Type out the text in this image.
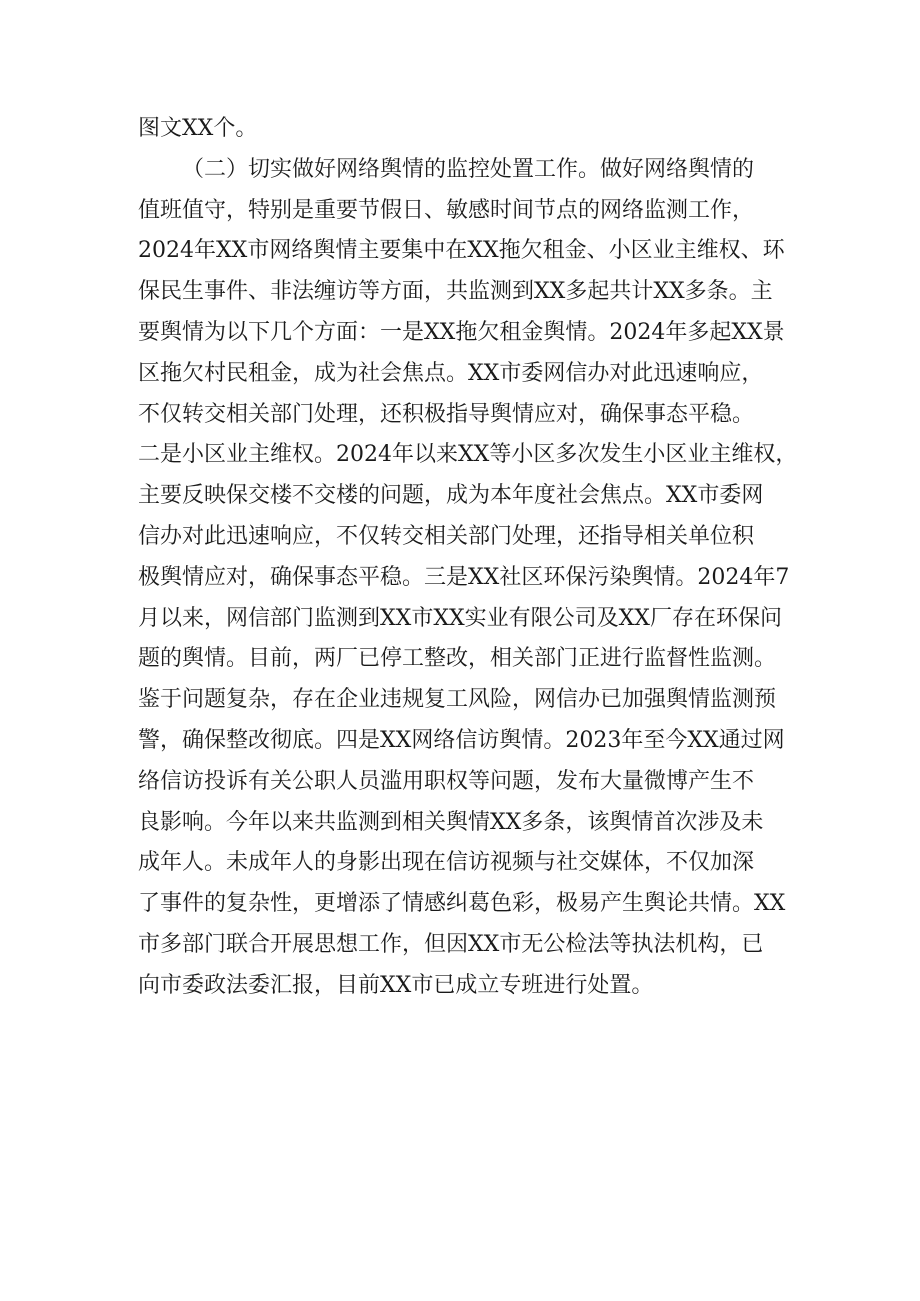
图文XX个。
（二）切实做好网络舆情的监控处置工作。做好网络舆情的
值班值守，特别是重要节假日、敏感时间节点的网络监测工作，
2024年XX市网络舆情主要集中在XX拖欠租金、小区业主维权、环
保民生事件、非法缠访等方面，共监测到XX多起共计XX多条。主
要舆情为以下几个方面：一是XX拖欠租金舆情。2024年多起XX景
区拖欠村民租金，成为社会焦点。XX市委网信办对此迅速响应，
不仅转交相关部门处理，还积极指导舆情应对，确保事态平稳。
二是小区业主维权。2024年以来XX等小区多次发生小区业主维权，
主要反映保交楼不交楼的问题，成为本年度社会焦点。XX市委网
信办对此迅速响应，不仅转交相关部门处理，还指导相关单位积
极舆情应对，确保事态平稳。三是XX社区环保污染舆情。2024年7
月以来，网信部门监测到XX市XX实业有限公司及XX厂存在环保问
题的舆情。目前，两厂已停工整改，相关部门正进行监督性监测。
鉴于问题复杂，存在企业违规复工风险，网信办已加强舆情监测预
警，确保整改彻底。四是XX网络信访舆情。2023年至今XX通过网
络信访投诉有关公职人员滥用职权等问题，发布大量微博产生不
良影响。今年以来共监测到相关舆情XX多条，该舆情首次涉及未
成年人。未成年人的身影出现在信访视频与社交媒体，不仅加深
了事件的复杂性，更增添了情感纠葛色彩，极易产生舆论共情。XX
市多部门联合开展思想工作，但因XX市无公检法等执法机构，已
向市委政法委汇报，目前XX市已成立专班进行处置。
